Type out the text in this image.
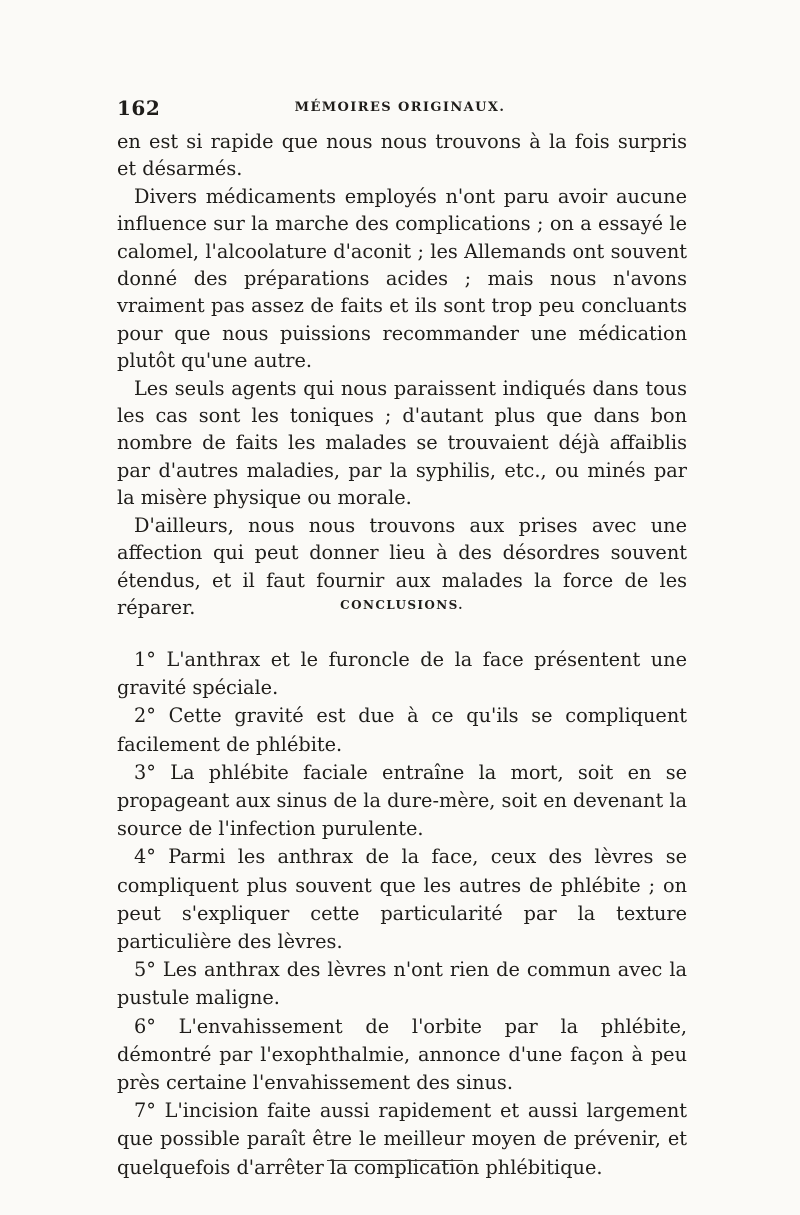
162	MÉMOIRES ORIGINAUX.

en est si rapide que nous nous trouvons à la fois surpris et désarmés.

Divers médicaments employés n'ont paru avoir aucune influence sur la marche des complications ; on a essayé le calomel, l'alcoolature d'aconit ; les Allemands ont souvent donné des préparations acides ; mais nous n'avons vraiment pas assez de faits et ils sont trop peu concluants pour que nous puissions recommander une médication plutôt qu'une autre.

Les seuls agents qui nous paraissent indiqués dans tous les cas sont les toniques ; d'autant plus que dans bon nombre de faits les malades se trouvaient déjà affaiblis par d'autres maladies, par la syphilis, etc., ou minés par la misère physique ou morale.

D'ailleurs, nous nous trouvons aux prises avec une affection qui peut donner lieu à des désordres souvent étendus, et il faut fournir aux malades la force de les réparer.	CONCLUSIONS.

1° L'anthrax et le furoncle de la face présentent une gravité spéciale.

2° Cette gravité est due à ce qu'ils se compliquent facilement de phlébite.

3° La phlébite faciale entraîne la mort, soit en se propageant aux sinus de la dure-mère, soit en devenant la source de l'infection purulente.

4° Parmi les anthrax de la face, ceux des lèvres se compliquent plus souvent que les autres de phlébite ; on peut s'expliquer cette particularité par la texture particulière des lèvres.

5° Les anthrax des lèvres n'ont rien de commun avec la pustule maligne.

6° L'envahissement de l'orbite par la phlébite, démontré par l'exophthalmie, annonce d'une façon à peu près certaine l'envahissement des sinus.

7° L'incision faite aussi rapidement et aussi largement que possible paraît être le meilleur moyen de prévenir, et quelquefois d'arrêter la complication phlébitique.
